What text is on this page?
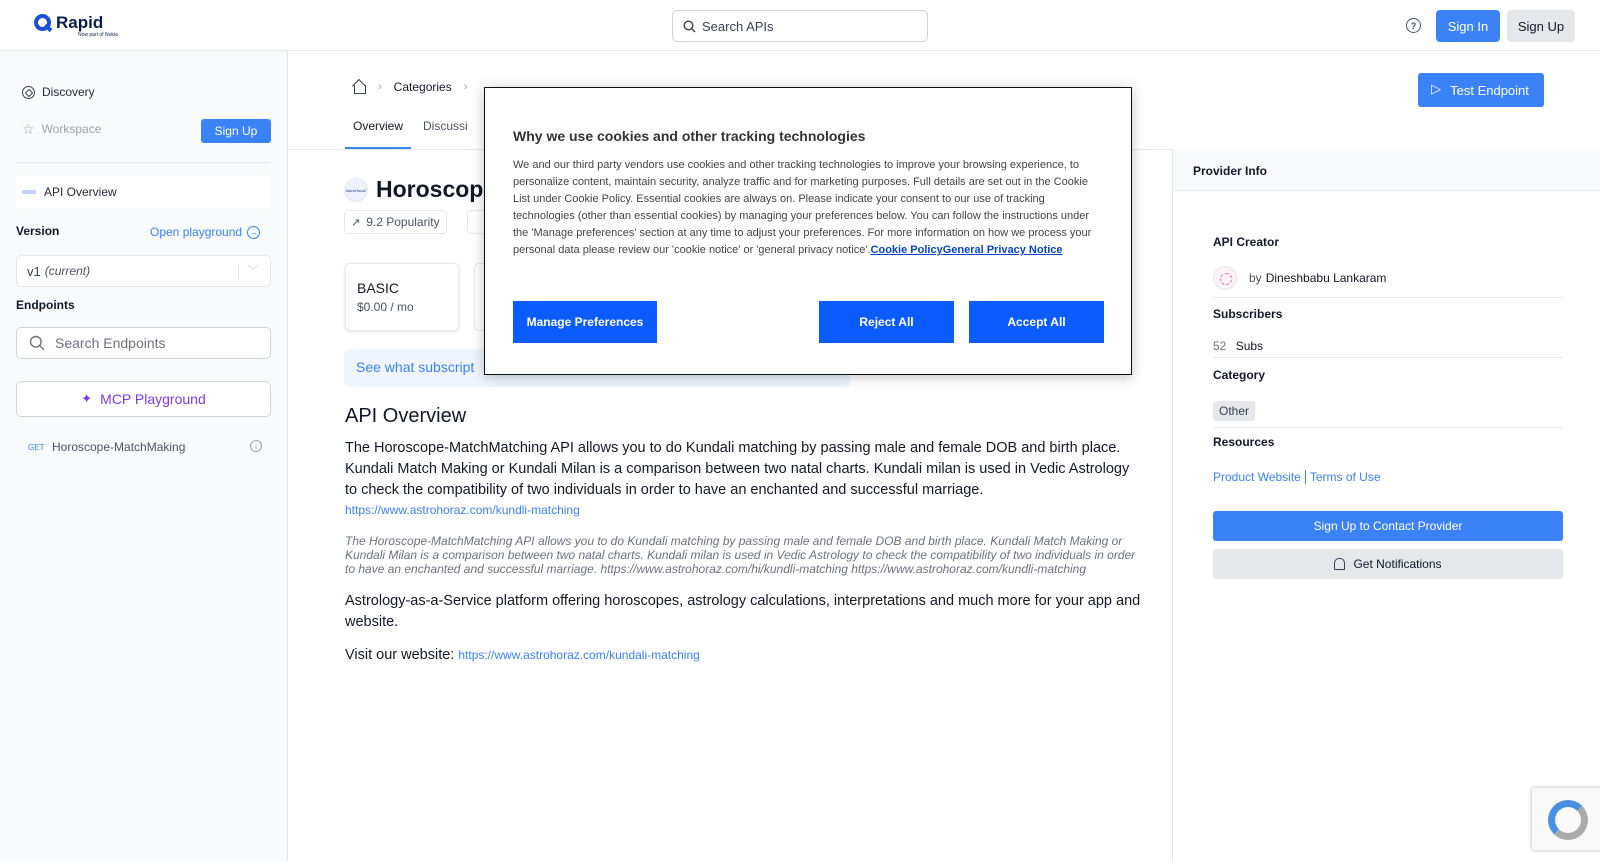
Rapid
Now part of Nokia
Search APIs	?	Sign In	Sign Up
Discovery
☆ Workspace	Sign Up
API Overview
Version	Open playground →
v1 (current)	﹀
Endpoints
Search Endpoints
✦ MCP Playground
GET Horoscope-MatchMaking	i
› Categories ›
Overview	Discussi
▷
Test Endpoint
AstroHoraZ Horoscop
↗ 9.2 Popularity
BASIC
$0.00 / mo
See what subscript
API Overview
The Horoscope-MatchMatching API allows you to do Kundali matching by passing male and female DOB and birth place. Kundali Match Making or Kundali Milan is a comparison between two natal charts. Kundali milan is used in Vedic Astrology to check the compatibility of two individuals in order to have an enchanted and successful marriage.
https://www.astrohoraz.com/kundli-matching
The Horoscope-MatchMatching API allows you to do Kundali matching by passing male and female DOB and birth place. Kundali Match Making or Kundali Milan is a comparison between two natal charts. Kundali milan is used in Vedic Astrology to check the compatibility of two individuals in order to have an enchanted and successful marriage. https://www.astrohoraz.com/hi/kundli-matching https://www.astrohoraz.com/kundli-matching
Astrology-as-a-Service platform offering horoscopes, astrology calculations, interpretations and much more for your app and website.
Visit our website: https://www.astrohoraz.com/kundali-matching
Provider Info
API Creator
by Dineshbabu Lankaram
Subscribers
52 Subs
Category
Other
Resources
Product Website Terms of Use
Sign Up to Contact Provider
Get Notifications
Why we use cookies and other tracking technologies
We and our third party vendors use cookies and other tracking technologies to improve your browsing experience, to personalize content, maintain security, analyze traffic and for marketing purposes. Full details are set out in the Cookie List under Cookie Policy. Essential cookies are always on. Please indicate your consent to our use of tracking technologies (other than essential cookies) by managing your preferences below. You can follow the instructions under the 'Manage preferences' section at any time to adjust your preferences. For more information on how we process your personal data please review our 'cookie notice' or 'general privacy notice'.Cookie PolicyGeneral Privacy Notice
Manage Preferences	Reject All	Accept All
